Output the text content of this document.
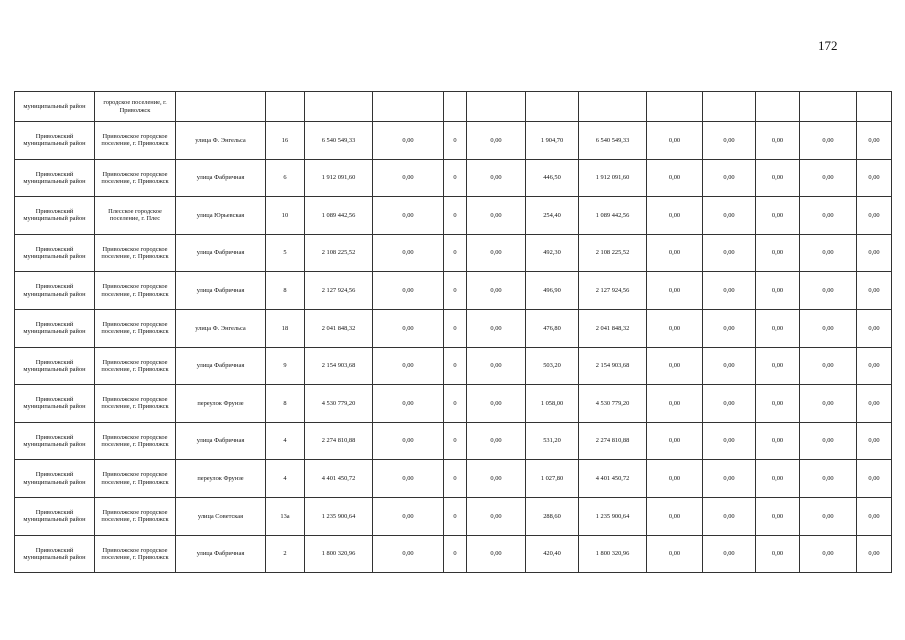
172
муниципальный район	городское поселение, г. Приволжск													
Приволжский муниципальный район	Приволжское городское поселение, г. Приволжск	улица Ф. Энгельса	16	6 540 549,33	0,00	0	0,00	1 904,70	6 540 549,33	0,00	0,00	0,00	0,00	0,00
Приволжский муниципальный район	Приволжское городское поселение, г. Приволжск	улица Фабричная	6	1 912 091,60	0,00	0	0,00	446,50	1 912 091,60	0,00	0,00	0,00	0,00	0,00
Приволжский муниципальный район	Плесское городское поселение, г. Плес	улица Юрьевская	10	1 089 442,56	0,00	0	0,00	254,40	1 089 442,56	0,00	0,00	0,00	0,00	0,00
Приволжский муниципальный район	Приволжское городское поселение, г. Приволжск	улица Фабричная	5	2 108 225,52	0,00	0	0,00	492,30	2 108 225,52	0,00	0,00	0,00	0,00	0,00
Приволжский муниципальный район	Приволжское городское поселение, г. Приволжск	улица Фабричная	8	2 127 924,56	0,00	0	0,00	496,90	2 127 924,56	0,00	0,00	0,00	0,00	0,00
Приволжский муниципальный район	Приволжское городское поселение, г. Приволжск	улица Ф. Энгельса	18	2 041 848,32	0,00	0	0,00	476,80	2 041 848,32	0,00	0,00	0,00	0,00	0,00
Приволжский муниципальный район	Приволжское городское поселение, г. Приволжск	улица Фабричная	9	2 154 903,68	0,00	0	0,00	503,20	2 154 903,68	0,00	0,00	0,00	0,00	0,00
Приволжский муниципальный район	Приволжское городское поселение, г. Приволжск	переулок Фрунзе	8	4 530 779,20	0,00	0	0,00	1 058,00	4 530 779,20	0,00	0,00	0,00	0,00	0,00
Приволжский муниципальный район	Приволжское городское поселение, г. Приволжск	улица Фабричная	4	2 274 810,88	0,00	0	0,00	531,20	2 274 810,88	0,00	0,00	0,00	0,00	0,00
Приволжский муниципальный район	Приволжское городское поселение, г. Приволжск	переулок Фрунзе	4	4 401 450,72	0,00	0	0,00	1 027,80	4 401 450,72	0,00	0,00	0,00	0,00	0,00
Приволжский муниципальный район	Приволжское городское поселение, г. Приволжск	улица Советская	13а	1 235 900,64	0,00	0	0,00	288,60	1 235 900,64	0,00	0,00	0,00	0,00	0,00
Приволжский муниципальный район	Приволжское городское поселение, г. Приволжск	улица Фабричная	2	1 800 320,96	0,00	0	0,00	420,40	1 800 320,96	0,00	0,00	0,00	0,00	0,00
